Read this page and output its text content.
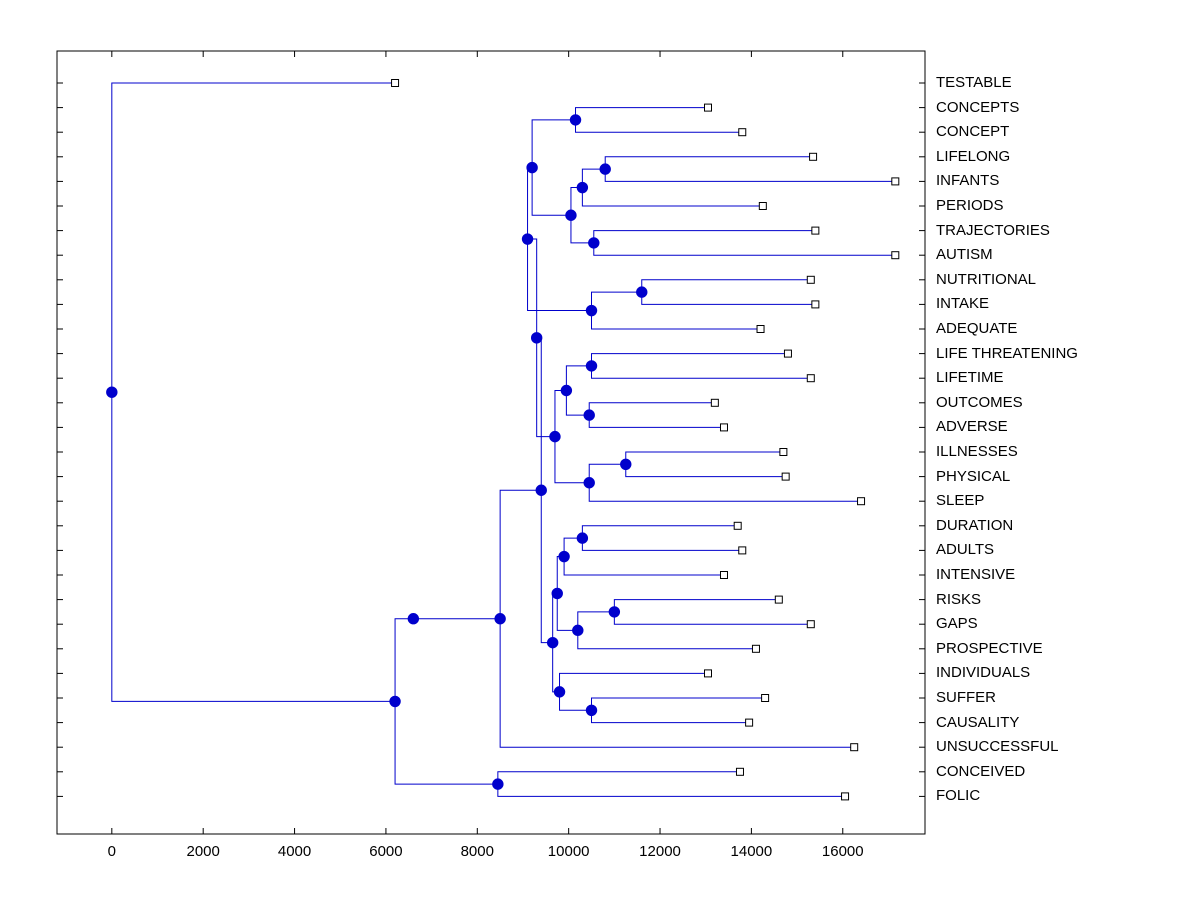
0	2000	4000	6000	8000	10000	12000	14000	16000
TESTABLE
CONCEPTS
CONCEPT
LIFELONG
INFANTS
PERIODS
TRAJECTORIES
AUTISM
NUTRITIONAL
INTAKE
ADEQUATE
LIFE THREATENING
LIFETIME
OUTCOMES
ADVERSE
ILLNESSES
PHYSICAL
SLEEP
DURATION
ADULTS
INTENSIVE
RISKS
GAPS
PROSPECTIVE
INDIVIDUALS
SUFFER
CAUSALITY
UNSUCCESSFUL
CONCEIVED
FOLIC
